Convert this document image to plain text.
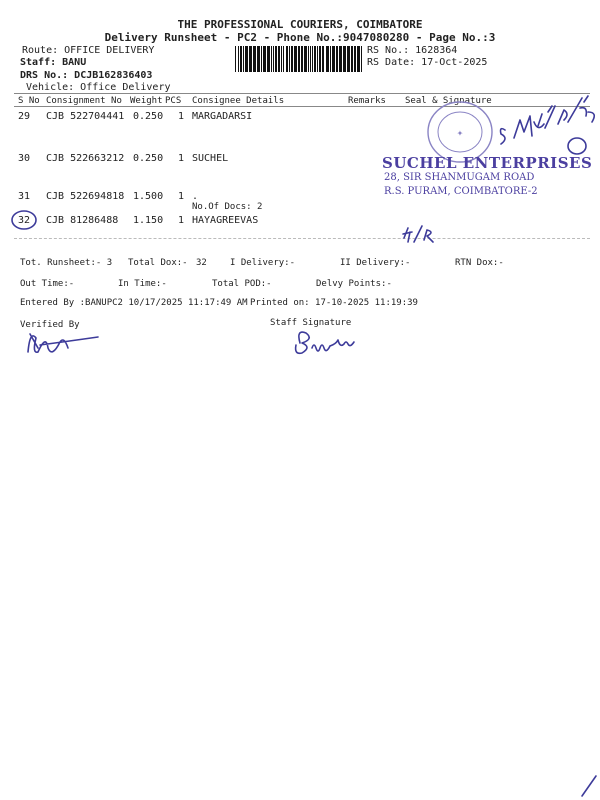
THE PROFESSIONAL COURIERS, COIMBATORE
Delivery Runsheet - PC2 - Phone No.:9047080280 - Page No.:3
Route: OFFICE DELIVERY
Staff: BANU
DRS No.: DCJB162836403
Vehicle: Office Delivery
RS No.: 1628364
RS Date: 17-Oct-2025
S No Consignment No Weight PCS Consignee Details	Remarks Seal & Signature
29 CJB 522704441 0.250 1 MARGADARSI
30 CJB 522663212 0.250 1 SUCHEL
31 CJB 522694818 1.500 1 .
No.Of Docs: 2
32 CJB 81286488 1.150 1 HAYAGREEVAS
Tot. Runsheet:- 3 Total Dox:- 32	I Delivery:-	II Delivery:-	RTN Dox:-
Out Time:-	In Time:-	Total POD:-	Delvy Points:-
Entered By :BANUPC2 10/17/2025 11:17:49 AM Printed on: 17-10-2025 11:19:39
Verified By	Staff Signature
✦
SUCHEL ENTERPRISES
28, SIR SHANMUGAM ROAD
R.S. PURAM, COIMBATORE-2
